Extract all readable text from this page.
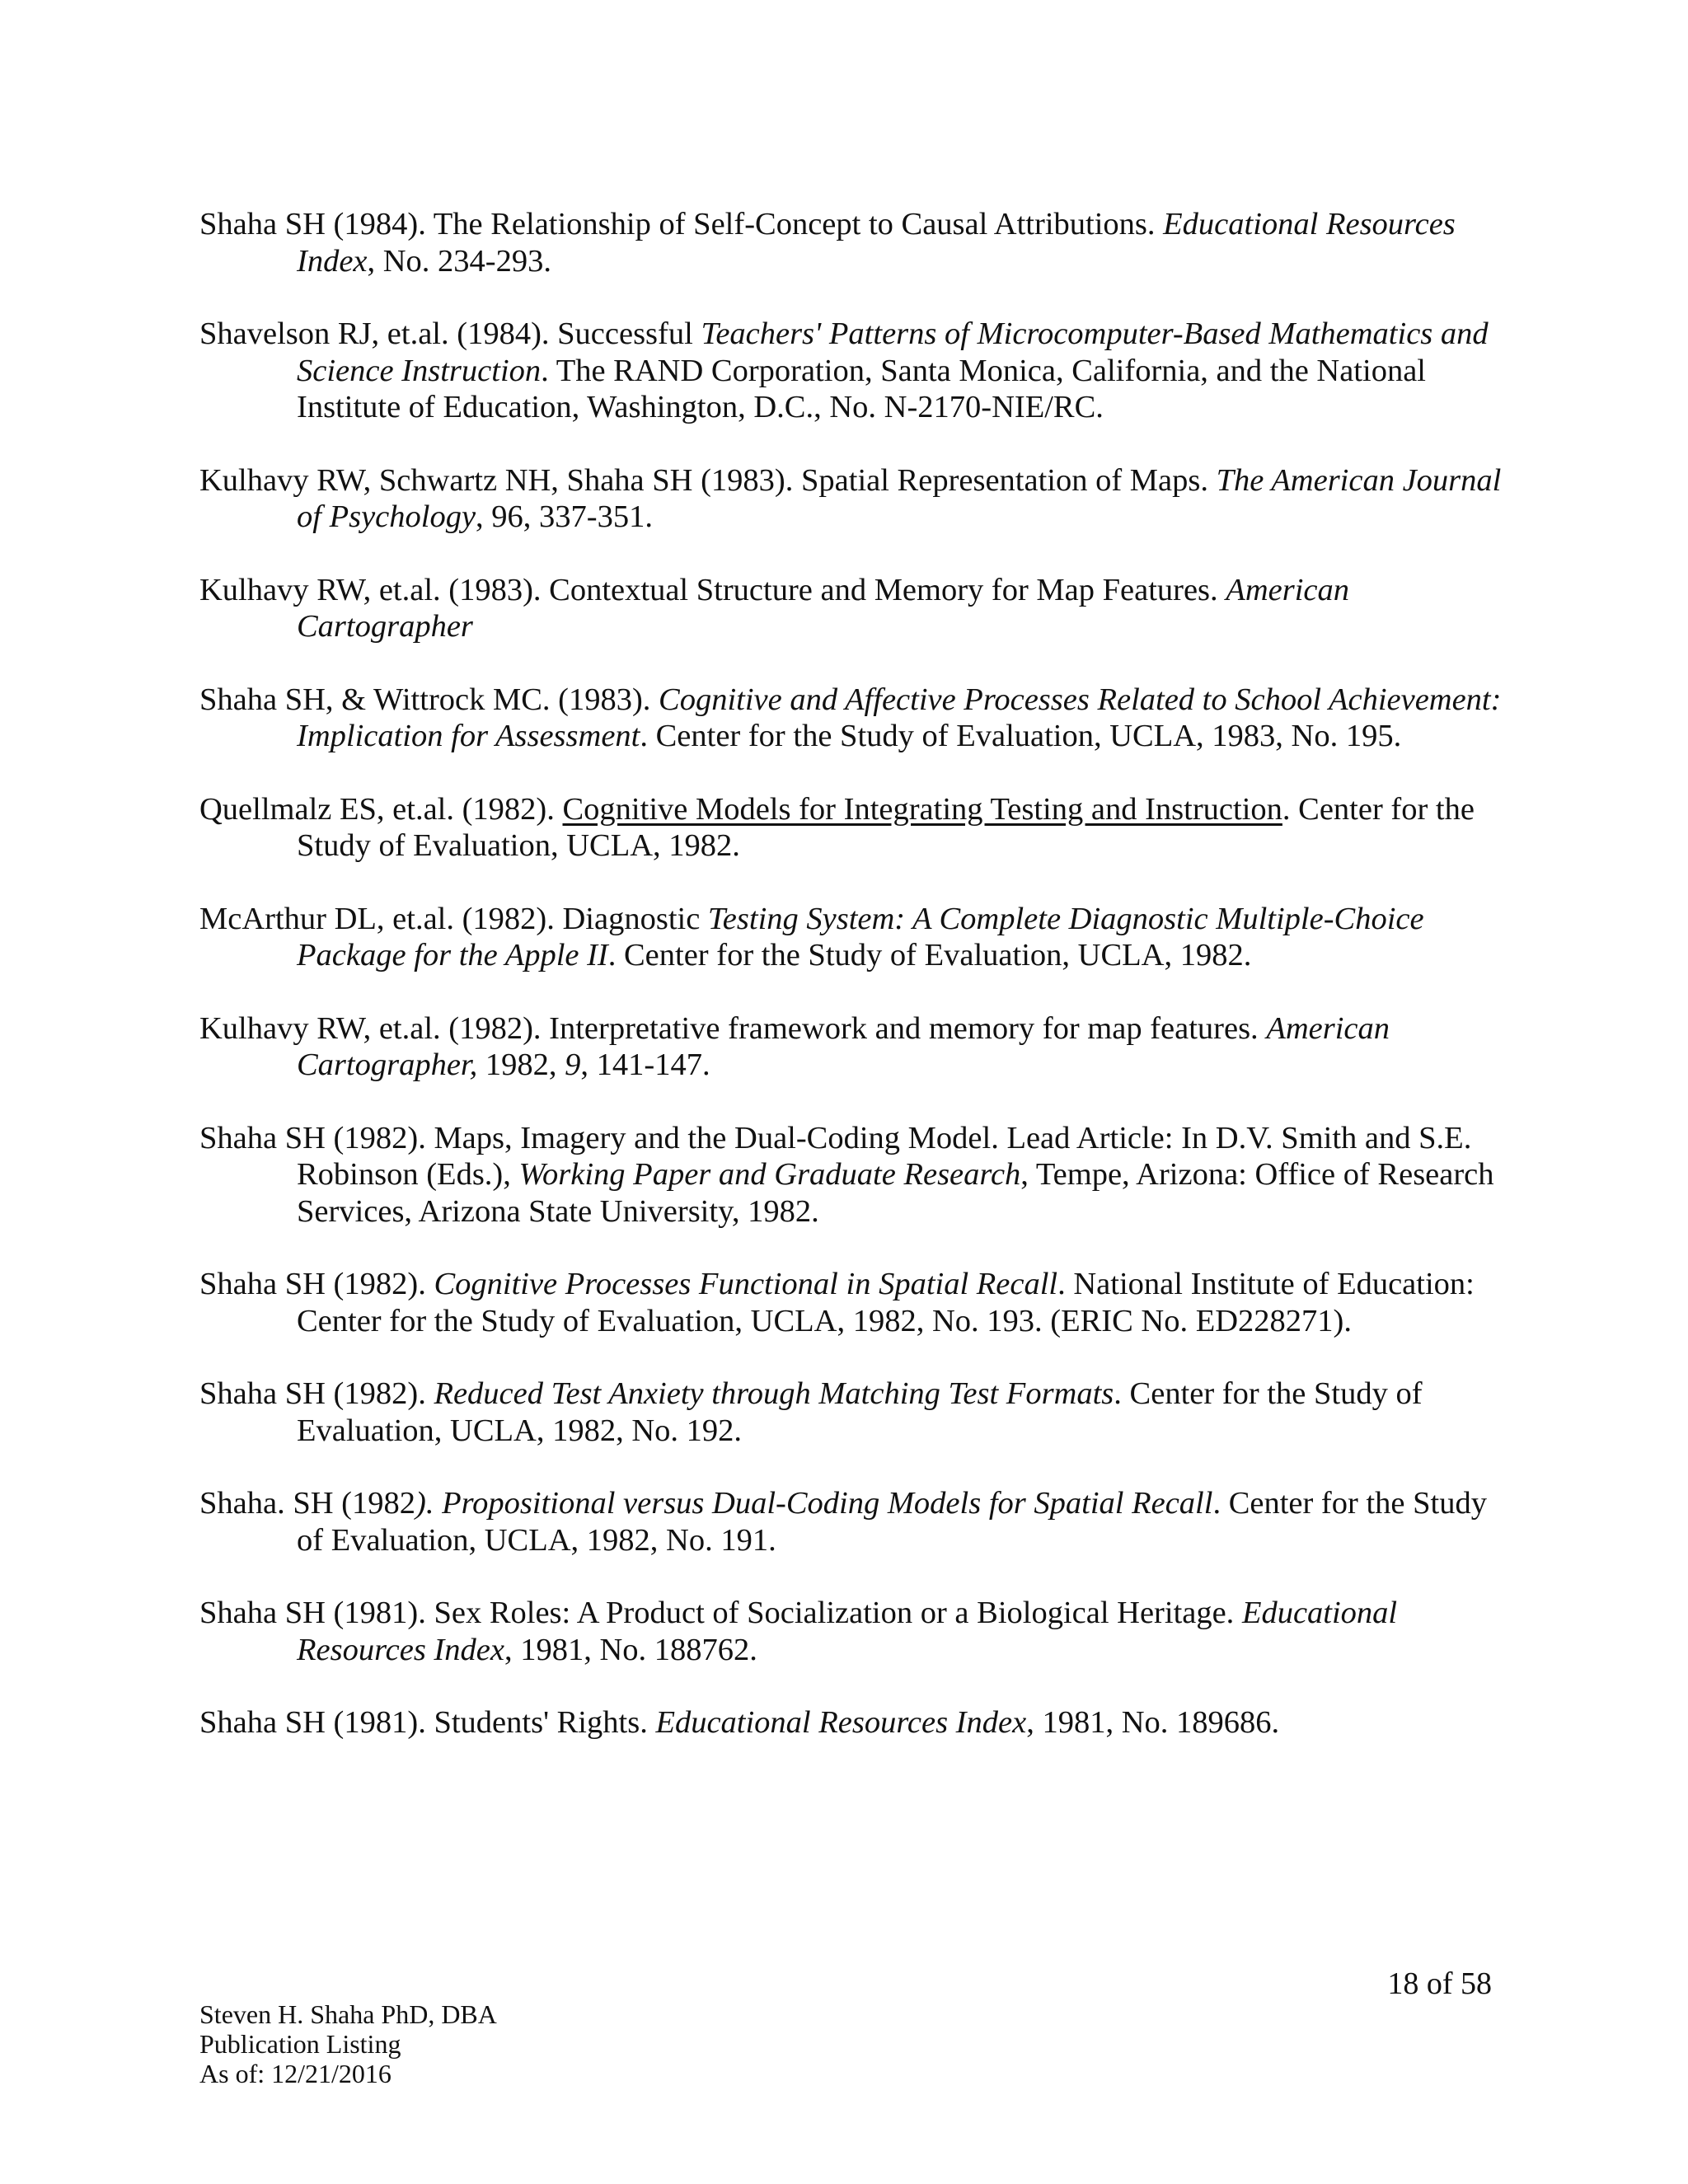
Shaha SH (1984). The Relationship of Self-Concept to Causal Attributions. Educational Resources Index, No. 234-293.
Shavelson RJ, et.al. (1984). Successful Teachers' Patterns of Microcomputer-Based Mathematics and Science Instruction. The RAND Corporation, Santa Monica, California, and the National Institute of Education, Washington, D.C., No. N-2170-NIE/RC.
Kulhavy RW, Schwartz NH, Shaha SH (1983). Spatial Representation of Maps. The American Journal of Psychology, 96, 337-351.
Kulhavy RW, et.al. (1983). Contextual Structure and Memory for Map Features. American Cartographer
Shaha SH, & Wittrock MC. (1983). Cognitive and Affective Processes Related to School Achievement: Implication for Assessment. Center for the Study of Evaluation, UCLA, 1983, No. 195.
Quellmalz ES, et.al. (1982). Cognitive Models for Integrating Testing and Instruction. Center for the Study of Evaluation, UCLA, 1982.
McArthur DL, et.al. (1982). Diagnostic Testing System: A Complete Diagnostic Multiple-Choice Package for the Apple II. Center for the Study of Evaluation, UCLA, 1982.
Kulhavy RW, et.al. (1982). Interpretative framework and memory for map features. American Cartographer, 1982, 9, 141-147.
Shaha SH (1982). Maps, Imagery and the Dual-Coding Model. Lead Article: In D.V. Smith and S.E. Robinson (Eds.), Working Paper and Graduate Research, Tempe, Arizona: Office of Research Services, Arizona State University, 1982.
Shaha SH (1982). Cognitive Processes Functional in Spatial Recall. National Institute of Education: Center for the Study of Evaluation, UCLA, 1982, No. 193. (ERIC No. ED228271).
Shaha SH (1982). Reduced Test Anxiety through Matching Test Formats. Center for the Study of Evaluation, UCLA, 1982, No. 192.
Shaha. SH (1982). Propositional versus Dual-Coding Models for Spatial Recall. Center for the Study of Evaluation, UCLA, 1982, No. 191.
Shaha SH (1981). Sex Roles: A Product of Socialization or a Biological Heritage. Educational Resources Index, 1981, No. 188762.
Shaha SH (1981). Students' Rights. Educational Resources Index, 1981, No. 189686.
18 of 58
Steven H. Shaha PhD, DBA
Publication Listing
As of: 12/21/2016
